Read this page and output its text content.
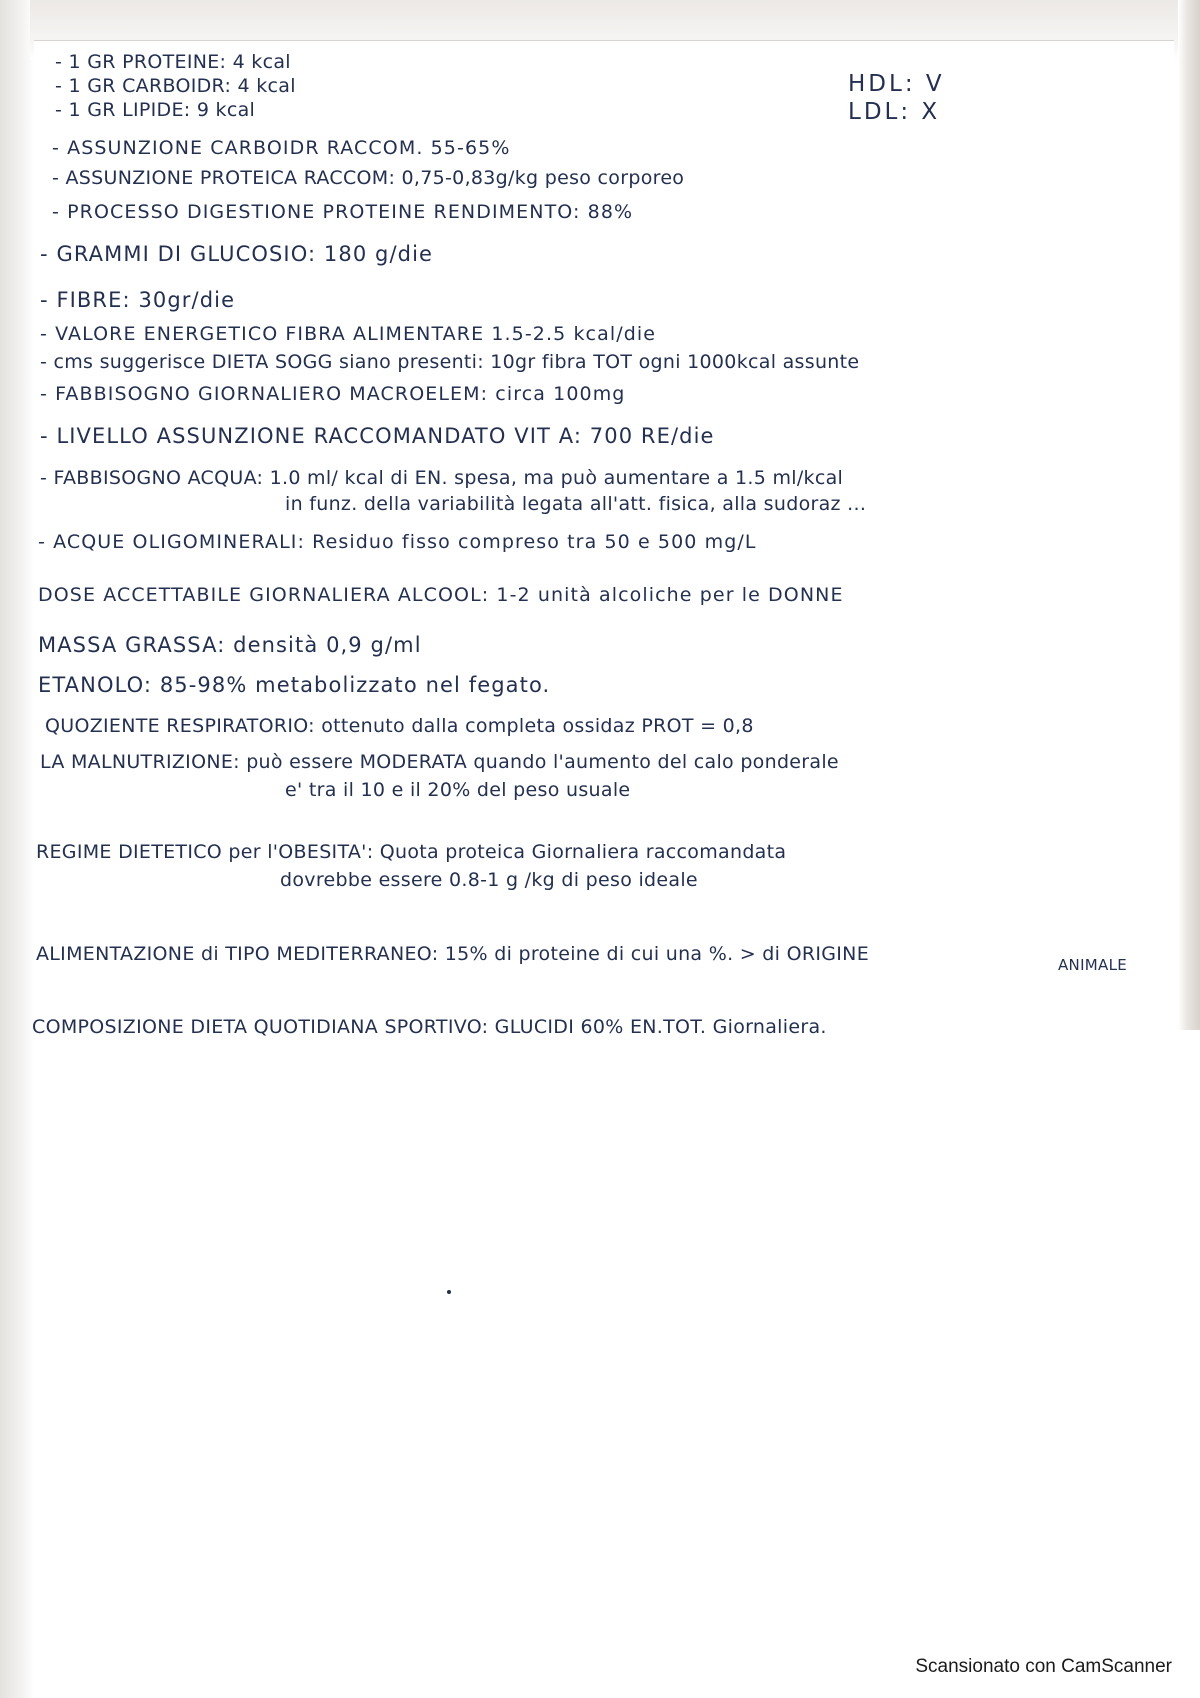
- 1 GR PROTEINE: 4 kcal
- 1 GR CARBOIDR: 4 kcal
- 1 GR LIPIDE: 9 kcal
HDL: V
LDL: X
- ASSUNZIONE CARBOIDR RACCOM. 55-65%
- ASSUNZIONE PROTEICA RACCOM: 0,75-0,83g/kg peso corporeo
- PROCESSO DIGESTIONE PROTEINE RENDIMENTO: 88%
- GRAMMI DI GLUCOSIO: 180 g/die
- FIBRE: 30gr/die
- VALORE ENERGETICO FIBRA ALIMENTARE 1.5-2.5 kcal/die
- cms suggerisce DIETA SOGG siano presenti: 10gr fibra TOT ogni 1000kcal assunte
- FABBISOGNO GIORNALIERO MACROELEM: circa 100mg
- LIVELLO ASSUNZIONE RACCOMANDATO VIT A: 700 RE/die
- FABBISOGNO ACQUA: 1.0 ml/ kcal di EN. spesa, ma può aumentare a 1.5 ml/kcal
in funz. della variabilità legata all'att. fisica, alla sudoraz ...
- ACQUE OLIGOMINERALI: Residuo fisso compreso tra 50 e 500 mg/L
DOSE ACCETTABILE GIORNALIERA ALCOOL: 1-2 unità alcoliche per le DONNE
MASSA GRASSA: densità 0,9 g/ml
ETANOLO: 85-98% metabolizzato nel fegato.
QUOZIENTE RESPIRATORIO: ottenuto dalla completa ossidaz PROT = 0,8
LA MALNUTRIZIONE: può essere MODERATA quando l'aumento del calo ponderale
e' tra il 10 e il 20% del peso usuale
REGIME DIETETICO per l'OBESITA': Quota proteica Giornaliera raccomandata
dovrebbe essere 0.8-1 g /kg di peso ideale
ALIMENTAZIONE di TIPO MEDITERRANEO: 15% di proteine di cui una %. > di ORIGINE	ANIMALE
COMPOSIZIONE DIETA QUOTIDIANA SPORTIVO: GLUCIDI 60% EN.TOT. Giornaliera.
Scansionato con CamScanner
